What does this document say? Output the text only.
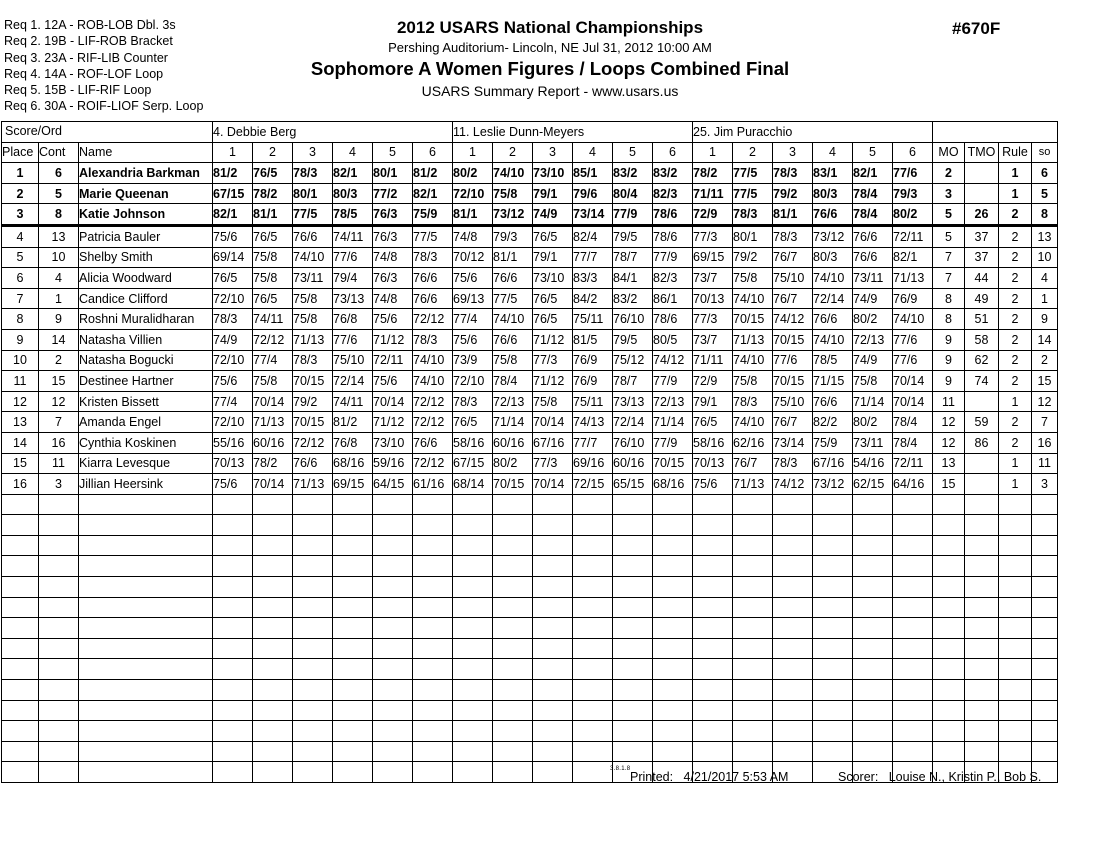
Req 1. 12A - ROB-LOB Dbl. 3s
Req 2. 19B - LIF-ROB Bracket
Req 3. 23A - RIF-LIB Counter
Req 4. 14A - ROF-LOF Loop
Req 5. 15B - LIF-RIF Loop
Req 6. 30A - ROIF-LIOF Serp. Loop
2012 USARS National Championships
Pershing Auditorium- Lincoln, NE Jul 31, 2012 10:00 AM
Sophomore A Women Figures / Loops Combined Final
USARS Summary Report - www.usars.us
#670F
Score/Ord
			4. Debbie Berg						11. Leslie Dunn-Meyers						25. Jim Puracchio									
Place	Cont	Name	1	2	3	4	5	6	1	2	3	4	5	6	1	2	3	4	5	6	MO	TMO	Rule	so
1	6	Alexandria Barkman	81/2	76/5	78/3	82/1	80/1	81/2	80/2	74/10	73/10	85/1	83/2	83/2	78/2	77/5	78/3	83/1	82/1	77/6	2		1	6
2	5	Marie Queenan	67/15	78/2	80/1	80/3	77/2	82/1	72/10	75/8	79/1	79/6	80/4	82/3	71/11	77/5	79/2	80/3	78/4	79/3	3		1	5
3	8	Katie Johnson	82/1	81/1	77/5	78/5	76/3	75/9	81/1	73/12	74/9	73/14	77/9	78/6	72/9	78/3	81/1	76/6	78/4	80/2	5	26	2	8
4	13	Patricia Bauler	75/6	76/5	76/6	74/11	76/3	77/5	74/8	79/3	76/5	82/4	79/5	78/6	77/3	80/1	78/3	73/12	76/6	72/11	5	37	2	13
5	10	Shelby Smith	69/14	75/8	74/10	77/6	74/8	78/3	70/12	81/1	79/1	77/7	78/7	77/9	69/15	79/2	76/7	80/3	76/6	82/1	7	37	2	10
6	4	Alicia Woodward	76/5	75/8	73/11	79/4	76/3	76/6	75/6	76/6	73/10	83/3	84/1	82/3	73/7	75/8	75/10	74/10	73/11	71/13	7	44	2	4
7	1	Candice Clifford	72/10	76/5	75/8	73/13	74/8	76/6	69/13	77/5	76/5	84/2	83/2	86/1	70/13	74/10	76/7	72/14	74/9	76/9	8	49	2	1
8	9	Roshni Muralidharan	78/3	74/11	75/8	76/8	75/6	72/12	77/4	74/10	76/5	75/11	76/10	78/6	77/3	70/15	74/12	76/6	80/2	74/10	8	51	2	9
9	14	Natasha Villien	74/9	72/12	71/13	77/6	71/12	78/3	75/6	76/6	71/12	81/5	79/5	80/5	73/7	71/13	70/15	74/10	72/13	77/6	9	58	2	14
10	2	Natasha Bogucki	72/10	77/4	78/3	75/10	72/11	74/10	73/9	75/8	77/3	76/9	75/12	74/12	71/11	74/10	77/6	78/5	74/9	77/6	9	62	2	2
11	15	Destinee Hartner	75/6	75/8	70/15	72/14	75/6	74/10	72/10	78/4	71/12	76/9	78/7	77/9	72/9	75/8	70/15	71/15	75/8	70/14	9	74	2	15
12	12	Kristen Bissett	77/4	70/14	79/2	74/11	70/14	72/12	78/3	72/13	75/8	75/11	73/13	72/13	79/1	78/3	75/10	76/6	71/14	70/14	11		1	12
13	7	Amanda Engel	72/10	71/13	70/15	81/2	71/12	72/12	76/5	71/14	70/14	74/13	72/14	71/14	76/5	74/10	76/7	82/2	80/2	78/4	12	59	2	7
14	16	Cynthia Koskinen	55/16	60/16	72/12	76/8	73/10	76/6	58/16	60/16	67/16	77/7	76/10	77/9	58/16	62/16	73/14	75/9	73/11	78/4	12	86	2	16
15	11	Kiarra Levesque	70/13	78/2	76/6	68/16	59/16	72/12	67/15	80/2	77/3	69/16	60/16	70/15	70/13	76/7	78/3	67/16	54/16	72/11	13		1	11
16	3	Jillian Heersink	75/6	70/14	71/13	69/15	64/15	61/16	68/14	70/15	70/14	72/15	65/15	68/16	75/6	71/13	74/12	73/12	62/15	64/16	15		1	3

3.8.1.8
Printed: 4/21/2017 5:53 AM	Scorer: Louise N., Kristin P., Bob S.
